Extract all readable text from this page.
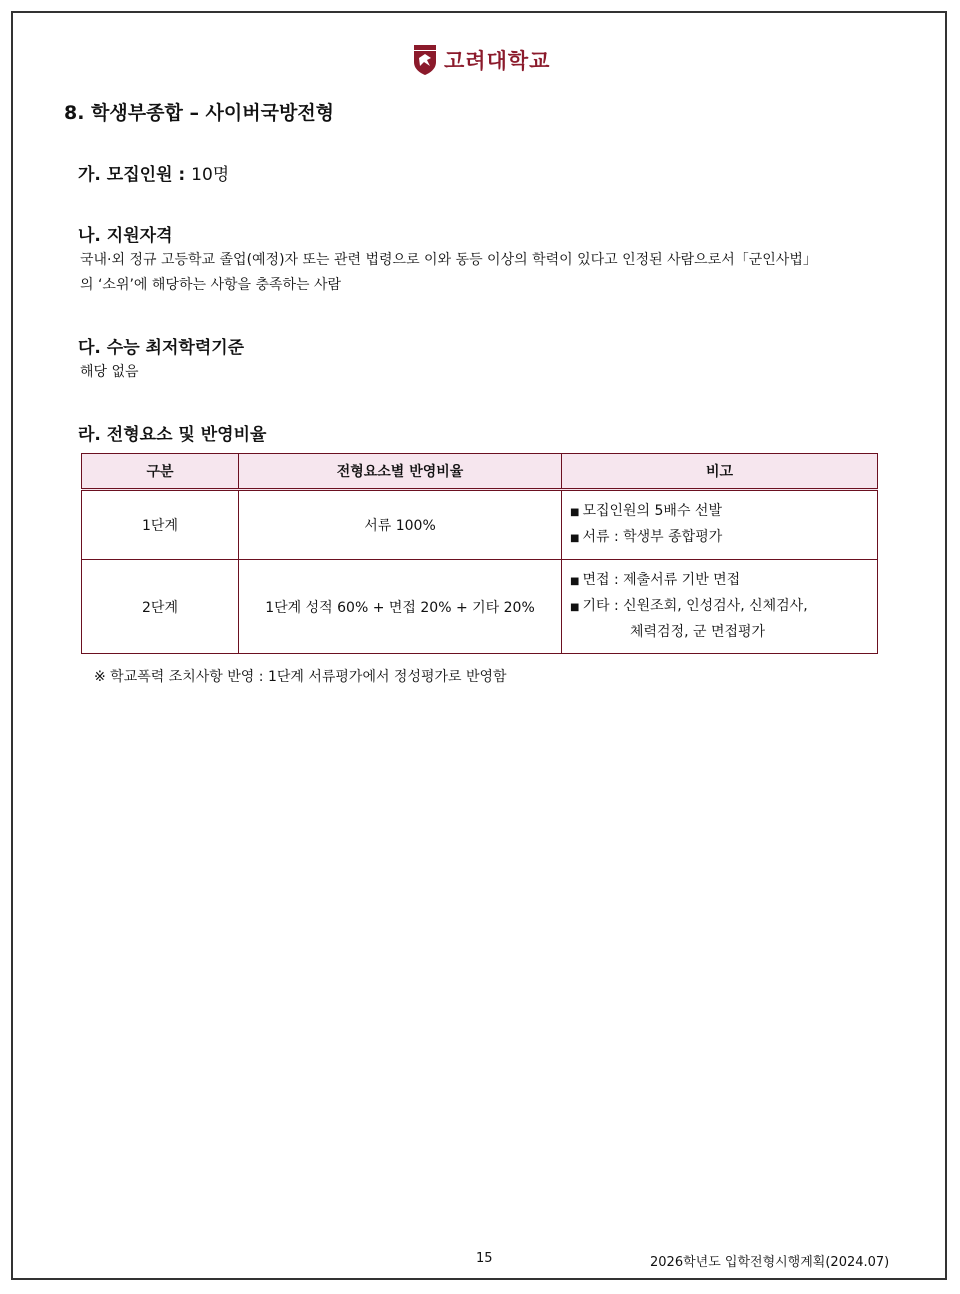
고려대학교
8. 학생부종합 – 사이버국방전형
가. 모집인원 : 10명
나. 지원자격
국내·외 정규 고등학교 졸업(예정)자 또는 관련 법령으로 이와 동등 이상의 학력이 있다고 인정된 사람으로서「군인사법」
의 ‘소위’에 해당하는 사항을 충족하는 사람
다. 수능 최저학력기준
해당 없음
라. 전형요소 및 반영비율
구분	전형요소별 반영비율	비고
1단계	서류 100%	■ 모집인원의 5배수 선발
■ 서류 : 학생부 종합평가

2단계	1단계 성적 60% + 면접 20% + 기타 20%	■ 면접 : 제출서류 기반 면접
■ 기타 : 신원조회, 인성검사, 신체검사,
체력검정, 군 면접평가
※ 학교폭력 조치사항 반영 : 1단계 서류평가에서 정성평가로 반영함
15	2026학년도 입학전형시행계획(2024.07)
